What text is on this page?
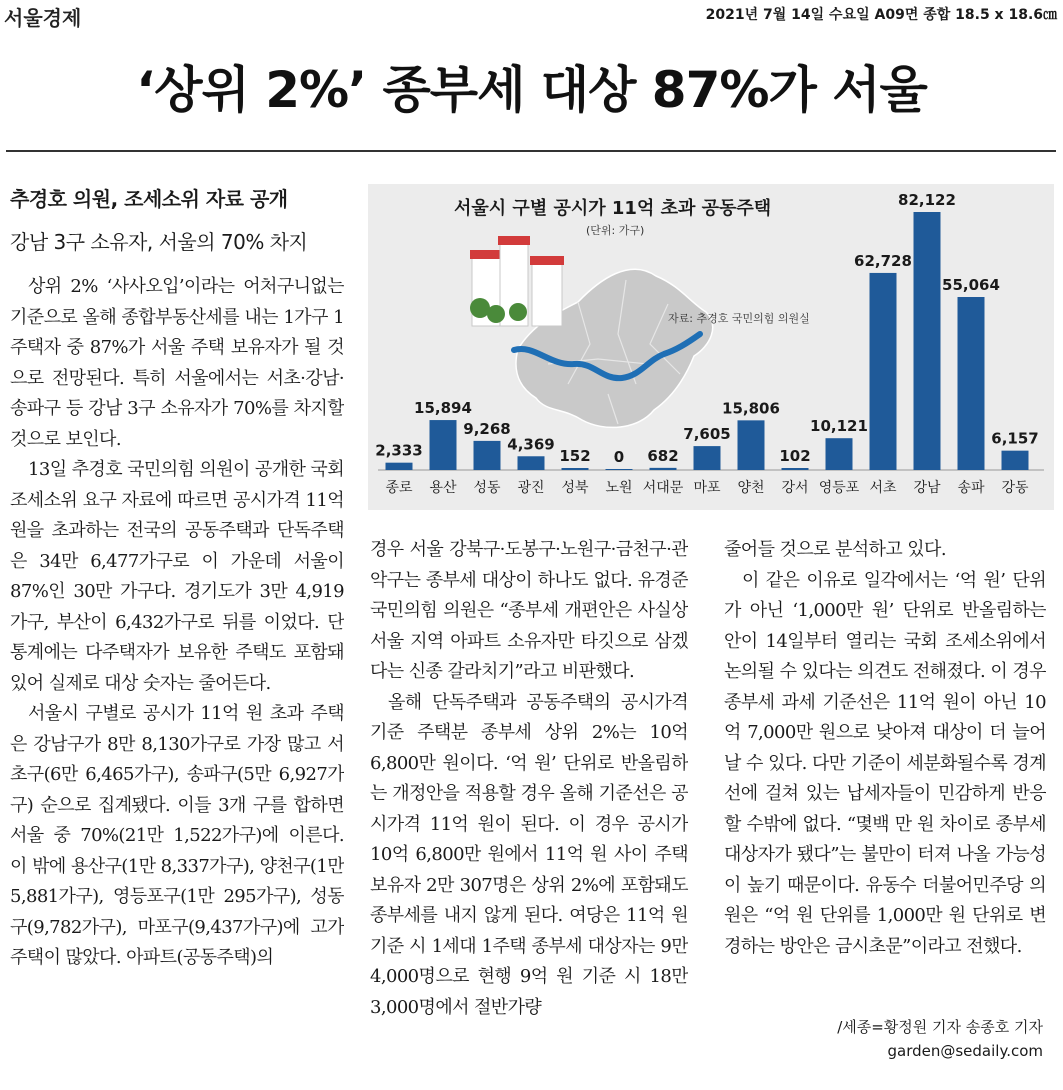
서울경제	2021년 7월 14일 수요일 A09면 종합 18.5 x 18.6㎝
‘상위 2%’ 종부세 대상 87%가 서울
추경호 의원, 조세소위 자료 공개
강남 3구 소유자, 서울의 70% 차지

상위 2% ‘사사오입’이라는 어처구니없는 기준으로 올해 종합부동산세를 내는 1가구 1주택자 중 87%가 서울 주택 보유자가 될 것으로 전망된다. 특히 서울에서는 서초·강남·송파구 등 강남 3구 소유자가 70%를 차지할 것으로 보인다.

13일 추경호 국민의힘 의원이 공개한 국회 조세소위 요구 자료에 따르면 공시가격 11억 원을 초과하는 전국의 공동주택과 단독주택은 34만 6,477가구로 이 가운데 서울이 87%인 30만 가구다. 경기도가 3만 4,919가구, 부산이 6,432가구로 뒤를 이었다. 단 통계에는 다주택자가 보유한 주택도 포함돼 있어 실제로 대상 숫자는 줄어든다.

서울시 구별로 공시가 11억 원 초과 주택은 강남구가 8만 8,130가구로 가장 많고 서초구(6만 6,465가구), 송파구(5만 6,927가구) 순으로 집계됐다. 이들 3개 구를 합하면 서울 중 70%(21만 1,522가구)에 이른다. 이 밖에 용산구(1만 8,337가구), 양천구(1만 5,881가구), 영등포구(1만 295가구), 성동구(9,782가구), 마포구(9,437가구)에 고가 주택이 많았다. 아파트(공동주택)의

서울시 구별 공시가 11억 초과 공동주택
(단위: 가구)
자료: 추경호 국민의힘 의원실
2,333
종로
15,894
용산
9,268
성동
4,369
광진
152
성북
0
노원
682
서대문
7,605
마포
15,806
양천
102
강서
10,121
영등포
62,728
서초
82,122
강남
55,064
송파
6,157
강동

경우 서울 강북구·도봉구·노원구·금천구·관악구는 종부세 대상이 하나도 없다. 유경준 국민의힘 의원은 “종부세 개편안은 사실상 서울 지역 아파트 소유자만 타깃으로 삼겠다는 신종 갈라치기”라고 비판했다.

올해 단독주택과 공동주택의 공시가격 기준 주택분 종부세 상위 2%는 10억 6,800만 원이다. ‘억 원’ 단위로 반올림하는 개정안을 적용할 경우 올해 기준선은 공시가격 11억 원이 된다. 이 경우 공시가 10억 6,800만 원에서 11억 원 사이 주택 보유자 2만 307명은 상위 2%에 포함돼도 종부세를 내지 않게 된다. 여당은 11억 원 기준 시 1세대 1주택 종부세 대상자는 9만 4,000명으로 현행 9억 원 기준 시 18만 3,000명에서 절반가량

줄어들 것으로 분석하고 있다.

이 같은 이유로 일각에서는 ‘억 원’ 단위가 아닌 ‘1,000만 원’ 단위로 반올림하는 안이 14일부터 열리는 국회 조세소위에서 논의될 수 있다는 의견도 전해졌다. 이 경우 종부세 과세 기준선은 11억 원이 아닌 10억 7,000만 원으로 낮아져 대상이 더 늘어날 수 있다. 다만 기준이 세분화될수록 경계선에 걸쳐 있는 납세자들이 민감하게 반응할 수밖에 없다. “몇백 만 원 차이로 종부세 대상자가 됐다”는 불만이 터져 나올 가능성이 높기 때문이다. 유동수 더불어민주당 의원은 “억 원 단위를 1,000만 원 단위로 변경하는 방안은 금시초문”이라고 전했다.

/세종=황정원 기자 송종호 기자
garden@sedaily.com
